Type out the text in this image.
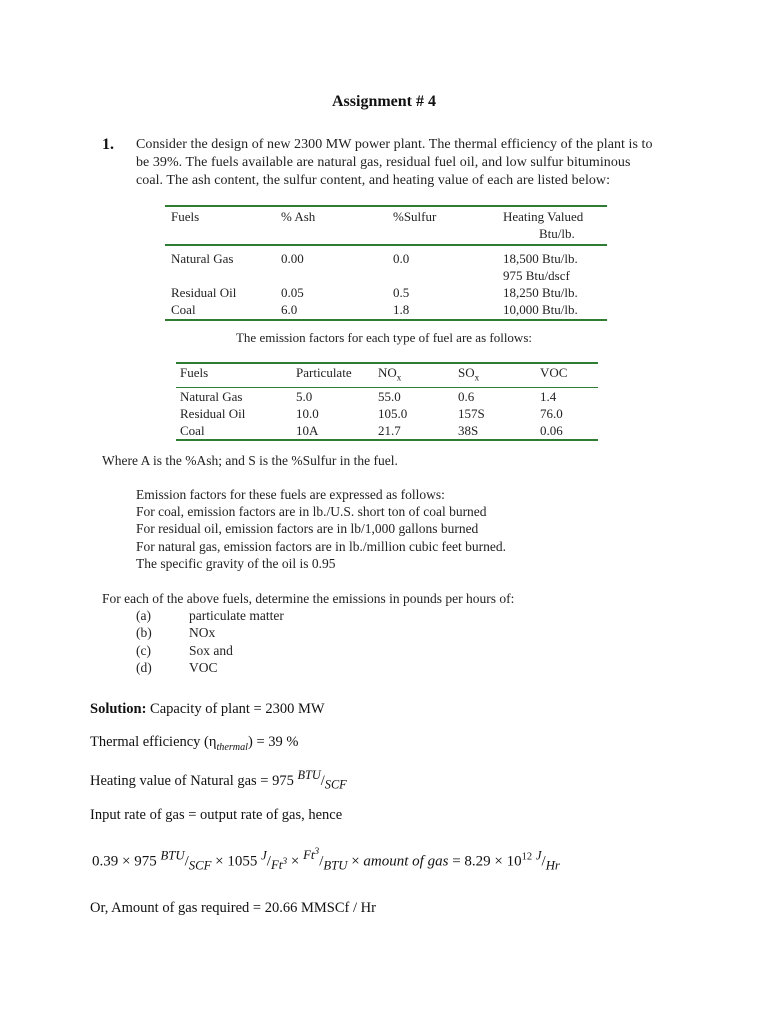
Assignment # 4
1. Consider the design of new 2300 MW power plant. The thermal efficiency of the plant is to
be 39%. The fuels available are natural gas, residual fuel oil, and low sulfur bituminous
coal. The ash content, the sulfur content, and heating value of each are listed below:
Fuels	% Ash	%Sulfur	Heating Valued
Btu/lb.

Natural Gas	0.00	0.0	18,500 Btu/lb.
975 Btu/dscf

Residual Oil	0.05	0.5	18,250 Btu/lb.
Coal	6.0	1.8	10,000 Btu/lb.
The emission factors for each type of fuel are as follows:
Fuels	Particulate	$NO_x$	$SO_x$	VOC
Natural Gas	5.0	55.0	0.6	1.4
Residual Oil	10.0	105.0	157S	76.0
Coal	10A	21.7	38S	0.06
Where A is the %Ash; and S is the %Sulfur in the fuel.
Emission factors for these fuels are expressed as follows:
For coal, emission factors are in lb./U.S. short ton of coal burned
For residual oil, emission factors are in lb/1,000 gallons burned
For natural gas, emission factors are in lb./million cubic feet burned.
The specific gravity of the oil is 0.95
For each of the above fuels, determine the emissions in pounds per hours of:
(a)	particulate matter
(b)	NOx
(c)	Sox and
(d)	VOC
Solution: Capacity of plant = 2300 MW
Thermal efficiency $(\eta_{thermal}) = 39$ %
Heating value of Natural gas = 975 $^{BTU}/_{SCF}$
Input rate of gas = output rate of gas, hence
0.39 × 975 $^{BTU}/_{SCF} \times 1055$ $^J/_{Ft^3} \times ^{Ft^3}/_{BTU}$ × amount of gas = $8.29 \times 10^{12}$ $^J/_{Hr}$
Or, Amount of gas required = 20.66 MMSCf / Hr
